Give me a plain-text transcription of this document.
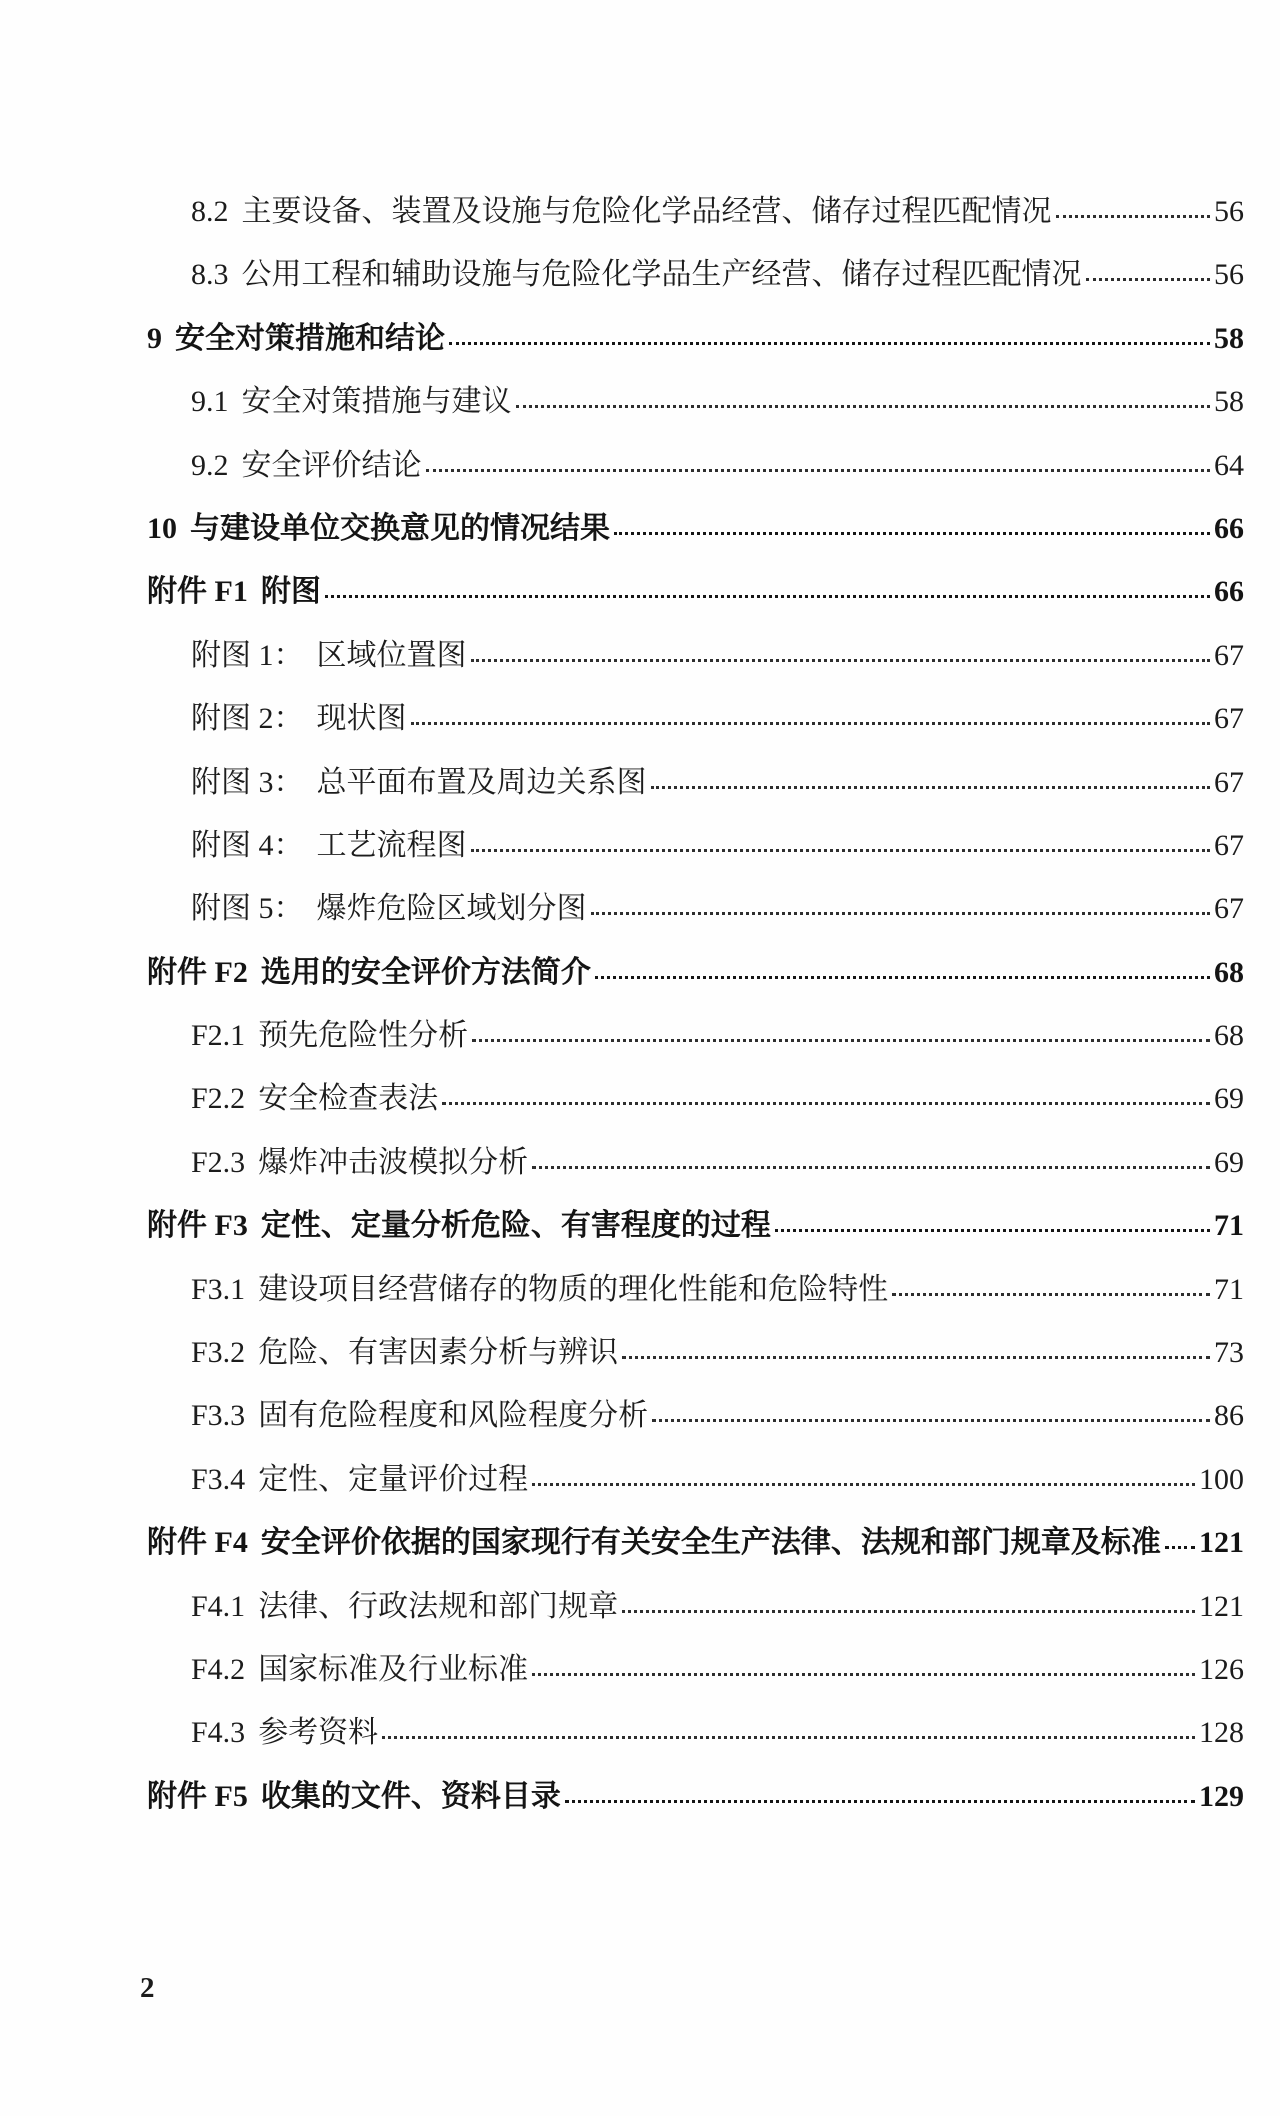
8.2 主要设备、装置及设施与危险化学品经营、储存过程匹配情况	56
8.3 公用工程和辅助设施与危险化学品生产经营、储存过程匹配情况	56
9 安全对策措施和结论	58
9.1 安全对策措施与建议	58
9.2 安全评价结论	64
10 与建设单位交换意见的情况结果	66
附件 F1 附图	66
附图 1： 区域位置图	67
附图 2： 现状图	67
附图 3： 总平面布置及周边关系图	67
附图 4： 工艺流程图	67
附图 5： 爆炸危险区域划分图	67
附件 F2 选用的安全评价方法简介	68
F2.1 预先危险性分析	68
F2.2 安全检查表法	69
F2.3 爆炸冲击波模拟分析	69
附件 F3 定性、定量分析危险、有害程度的过程	71
F3.1 建设项目经营储存的物质的理化性能和危险特性	71
F3.2 危险、有害因素分析与辨识	73
F3.3 固有危险程度和风险程度分析	86
F3.4 定性、定量评价过程	100
附件 F4 安全评价依据的国家现行有关安全生产法律、法规和部门规章及标准 121
F4.1 法律、行政法规和部门规章	121
F4.2 国家标准及行业标准	126
F4.3 参考资料	128
附件 F5 收集的文件、资料目录	129
2
